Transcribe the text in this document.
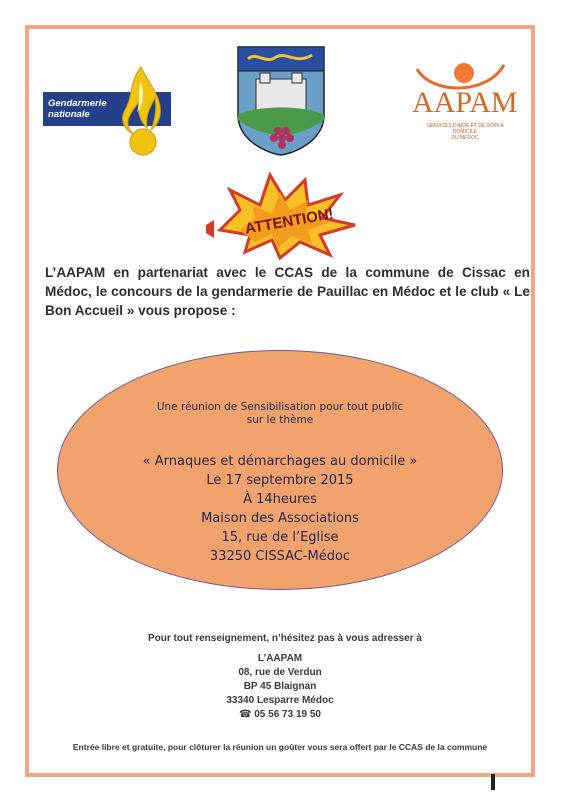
Gendarmerie nationale	AAPAM
SERVICES D'AIDE ET DE SOIN À DOMICILE
DU MÉDOC
ATTENTION!
L’AAPAM en partenariat avec le CCAS de la commune de Cissac en Médoc, le concours de la gendarmerie de Pauillac en Médoc et le club « Le Bon Accueil » vous propose :
Une réunion de Sensibilisation pour tout public
sur le thème
« Arnaques et démarchages au domicile »
Le 17 septembre 2015
À 14heures
Maison des Associations
15, rue de l’Eglise
33250 CISSAC-Médoc
Pour tout renseignement, n’hésitez pas à vous adresser à
L’AAPAM
08, rue de Verdun
BP 45 Blaignan
33340 Lesparre Médoc
☎ 05 56 73 19 50
Entrée libre et gratuite, pour clôturer la réunion un goûter vous sera offert par le CCAS de la commune
